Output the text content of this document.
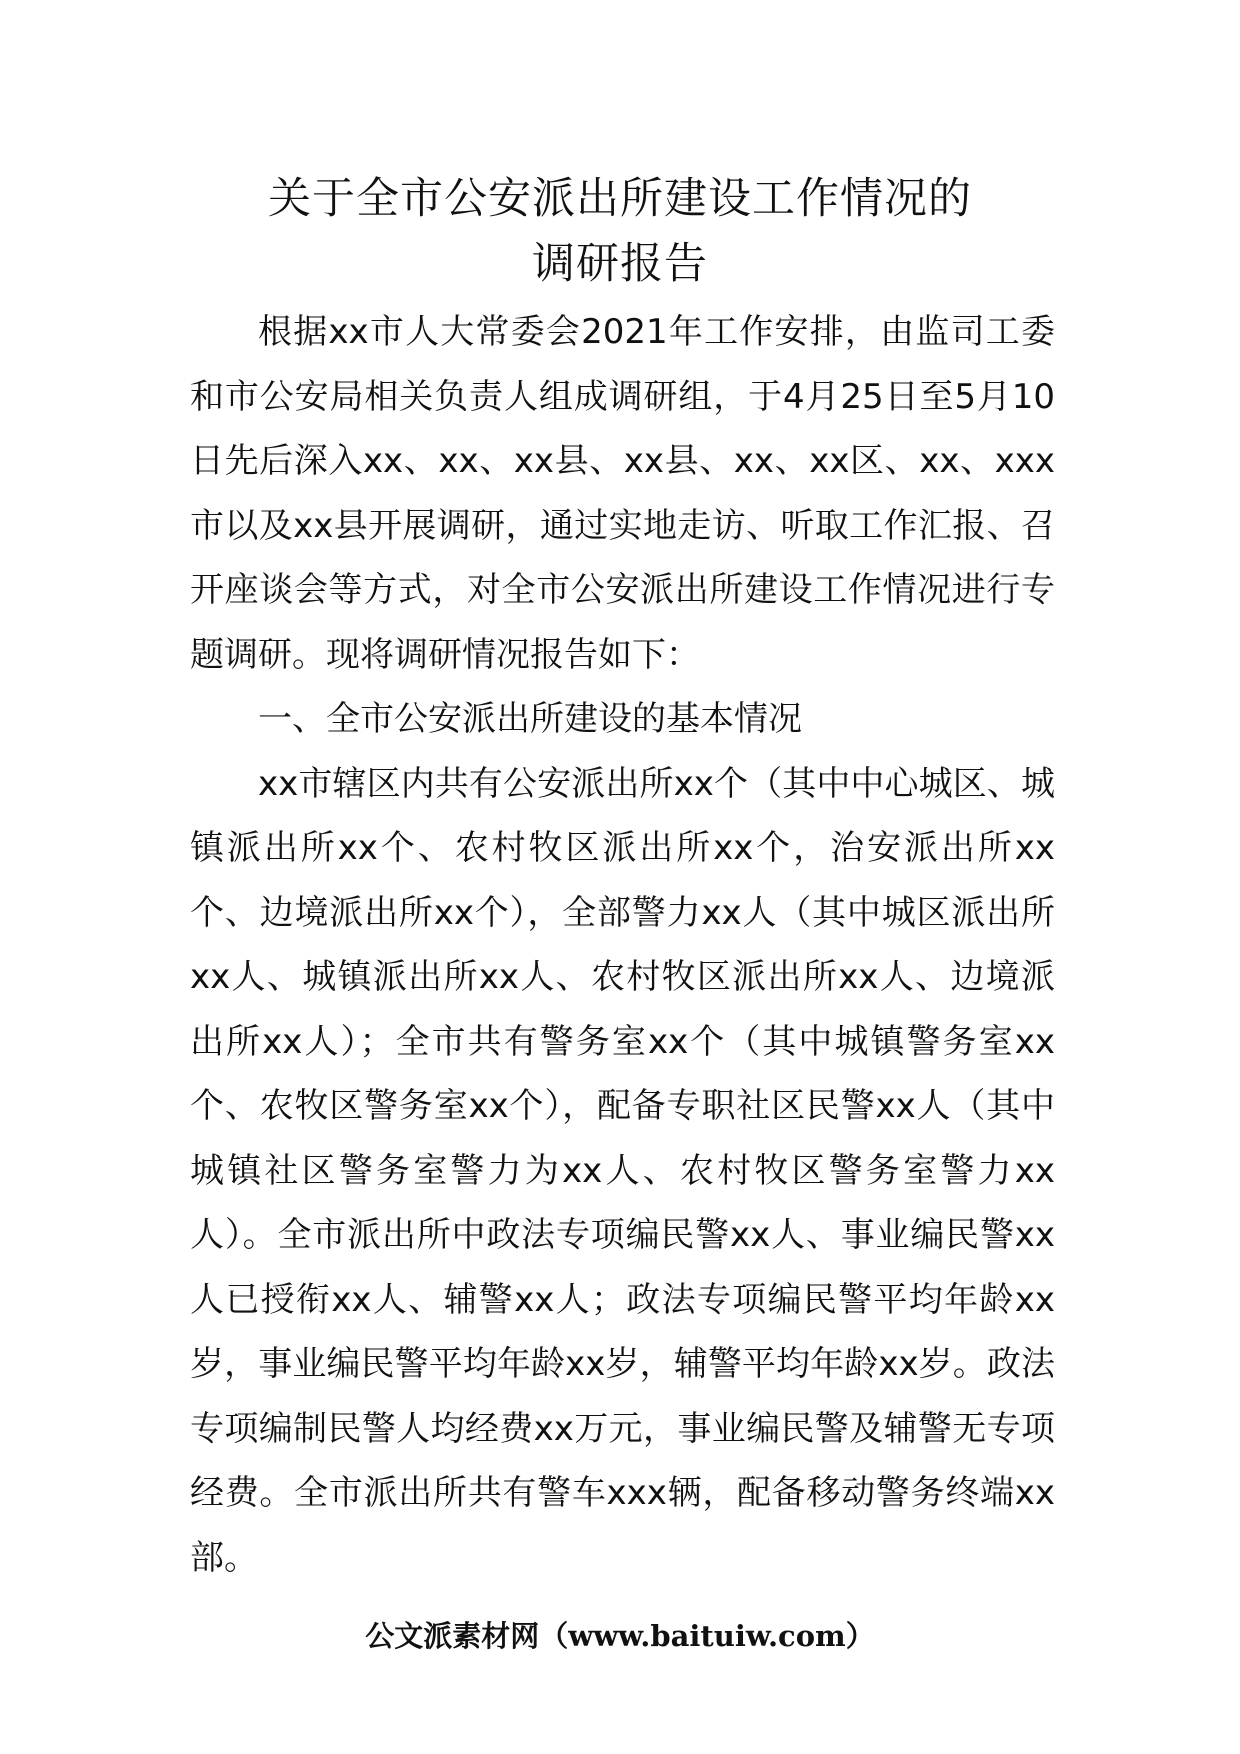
关于全市公安派出所建设工作情况的
调研报告

根据xx市人大常委会2021年工作安排，由监司工委和市公安局相关负责人组成调研组，于4月25日至5月10日先后深入xx、xx、xx县、xx县、xx、xx区、xx、xxx市以及xx县开展调研，通过实地走访、听取工作汇报、召开座谈会等方式，对全市公安派出所建设工作情况进行专题调研。现将调研情况报告如下：

一、全市公安派出所建设的基本情况

xx市辖区内共有公安派出所xx个（其中中心城区、城镇派出所xx个、农村牧区派出所xx个，治安派出所xx个、边境派出所xx个），全部警力xx人（其中城区派出所xx人、城镇派出所xx人、农村牧区派出所xx人、边境派出所xx人）；全市共有警务室xx个（其中城镇警务室xx个、农牧区警务室xx个），配备专职社区民警xx人（其中城镇社区警务室警力为xx人、农村牧区警务室警力xx人）。全市派出所中政法专项编民警xx人、事业编民警xx人已授衔xx人、辅警xx人；政法专项编民警平均年龄xx岁，事业编民警平均年龄xx岁，辅警平均年龄xx岁。政法专项编制民警人均经费xx万元，事业编民警及辅警无专项经费。全市派出所共有警车xxx辆，配备移动警务终端xx部。

公文派素材网（www.baituiw.com）
